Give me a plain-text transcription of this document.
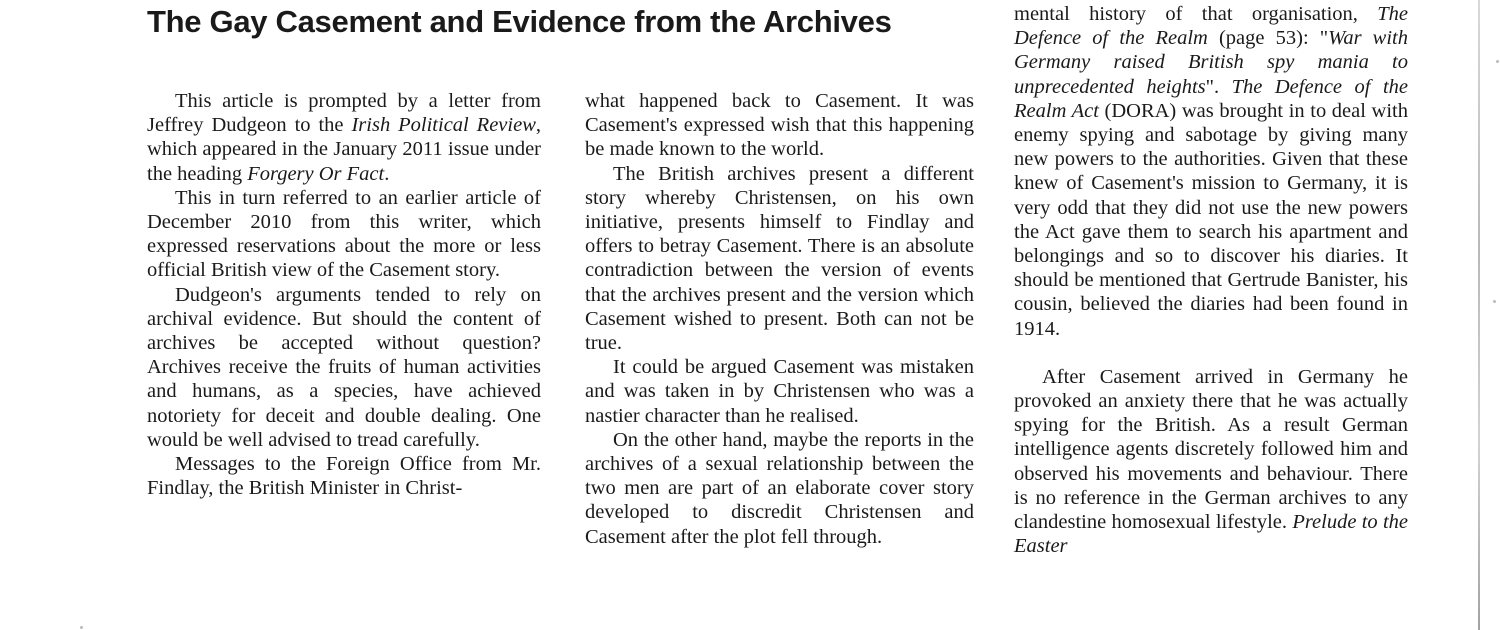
The Gay Casement and Evidence from the Archives

This article is prompted by a letter from Jeffrey Dudgeon to the Irish Political Review, which appeared in the January 2011 issue under the heading Forgery Or Fact.

This in turn referred to an earlier article of December 2010 from this writer, which expressed reservations about the more or less official British view of the Casement story.

Dudgeon's arguments tended to rely on archival evidence. But should the content of archives be accepted without question? Archives receive the fruits of human activities and humans, as a species, have achieved notoriety for deceit and double dealing. One would be well advised to tread carefully.

Messages to the Foreign Office from Mr. Findlay, the British Minister in Christ-

what happened back to Casement. It was Casement's expressed wish that this happening be made known to the world.

The British archives present a different story whereby Christensen, on his own initiative, presents himself to Findlay and offers to betray Casement. There is an absolute contradiction between the version of events that the archives present and the version which Casement wished to present. Both can not be true.

It could be argued Casement was mistaken and was taken in by Christensen who was a nastier character than he realised.

On the other hand, maybe the reports in the archives of a sexual relationship between the two men are part of an elaborate cover story developed to discredit Christensen and Casement after the plot fell through.

mental history of that organisation, The Defence of the Realm (page 53): "War with Germany raised British spy mania to unprecedented heights". The Defence of the Realm Act (DORA) was brought in to deal with enemy spying and sabotage by giving many new powers to the authorities. Given that these knew of Casement's mission to Germany, it is very odd that they did not use the new powers the Act gave them to search his apartment and belongings and so to discover his diaries. It should be mentioned that Gertrude Banister, his cousin, believed the diaries had been found in 1914.

After Casement arrived in Germany he provoked an anxiety there that he was actually spying for the British. As a result German intelligence agents discretely followed him and observed his movements and behaviour. There is no reference in the German archives to any clandestine homosexual lifestyle. Prelude to the Easter
